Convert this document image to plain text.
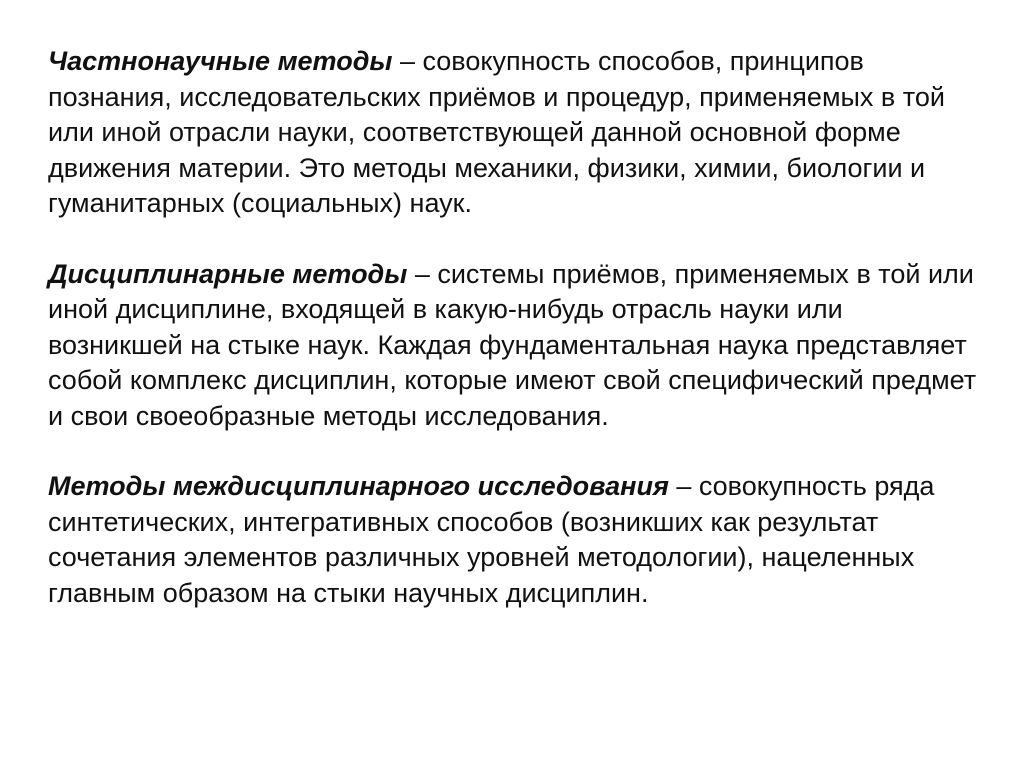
Частнонаучные методы – совокупность способов, принципов познания, исследовательских приёмов и процедур, применяемых в той или иной отрасли науки, соответствующей данной основной форме движения материи. Это методы механики, физики, химии, биологии и гуманитарных (социальных) наук.

Дисциплинарные методы – системы приёмов, применяемых в той или иной дисциплине, входящей в какую-нибудь отрасль науки или возникшей на стыке наук. Каждая фундаментальная наука представляет собой комплекс дисциплин, которые имеют свой специфический предмет и свои своеобразные методы исследования.

Методы междисциплинарного исследования – совокупность ряда синтетических, интегративных способов (возникших как результат сочетания элементов различных уровней методологии), нацеленных главным образом на стыки научных дисциплин.
